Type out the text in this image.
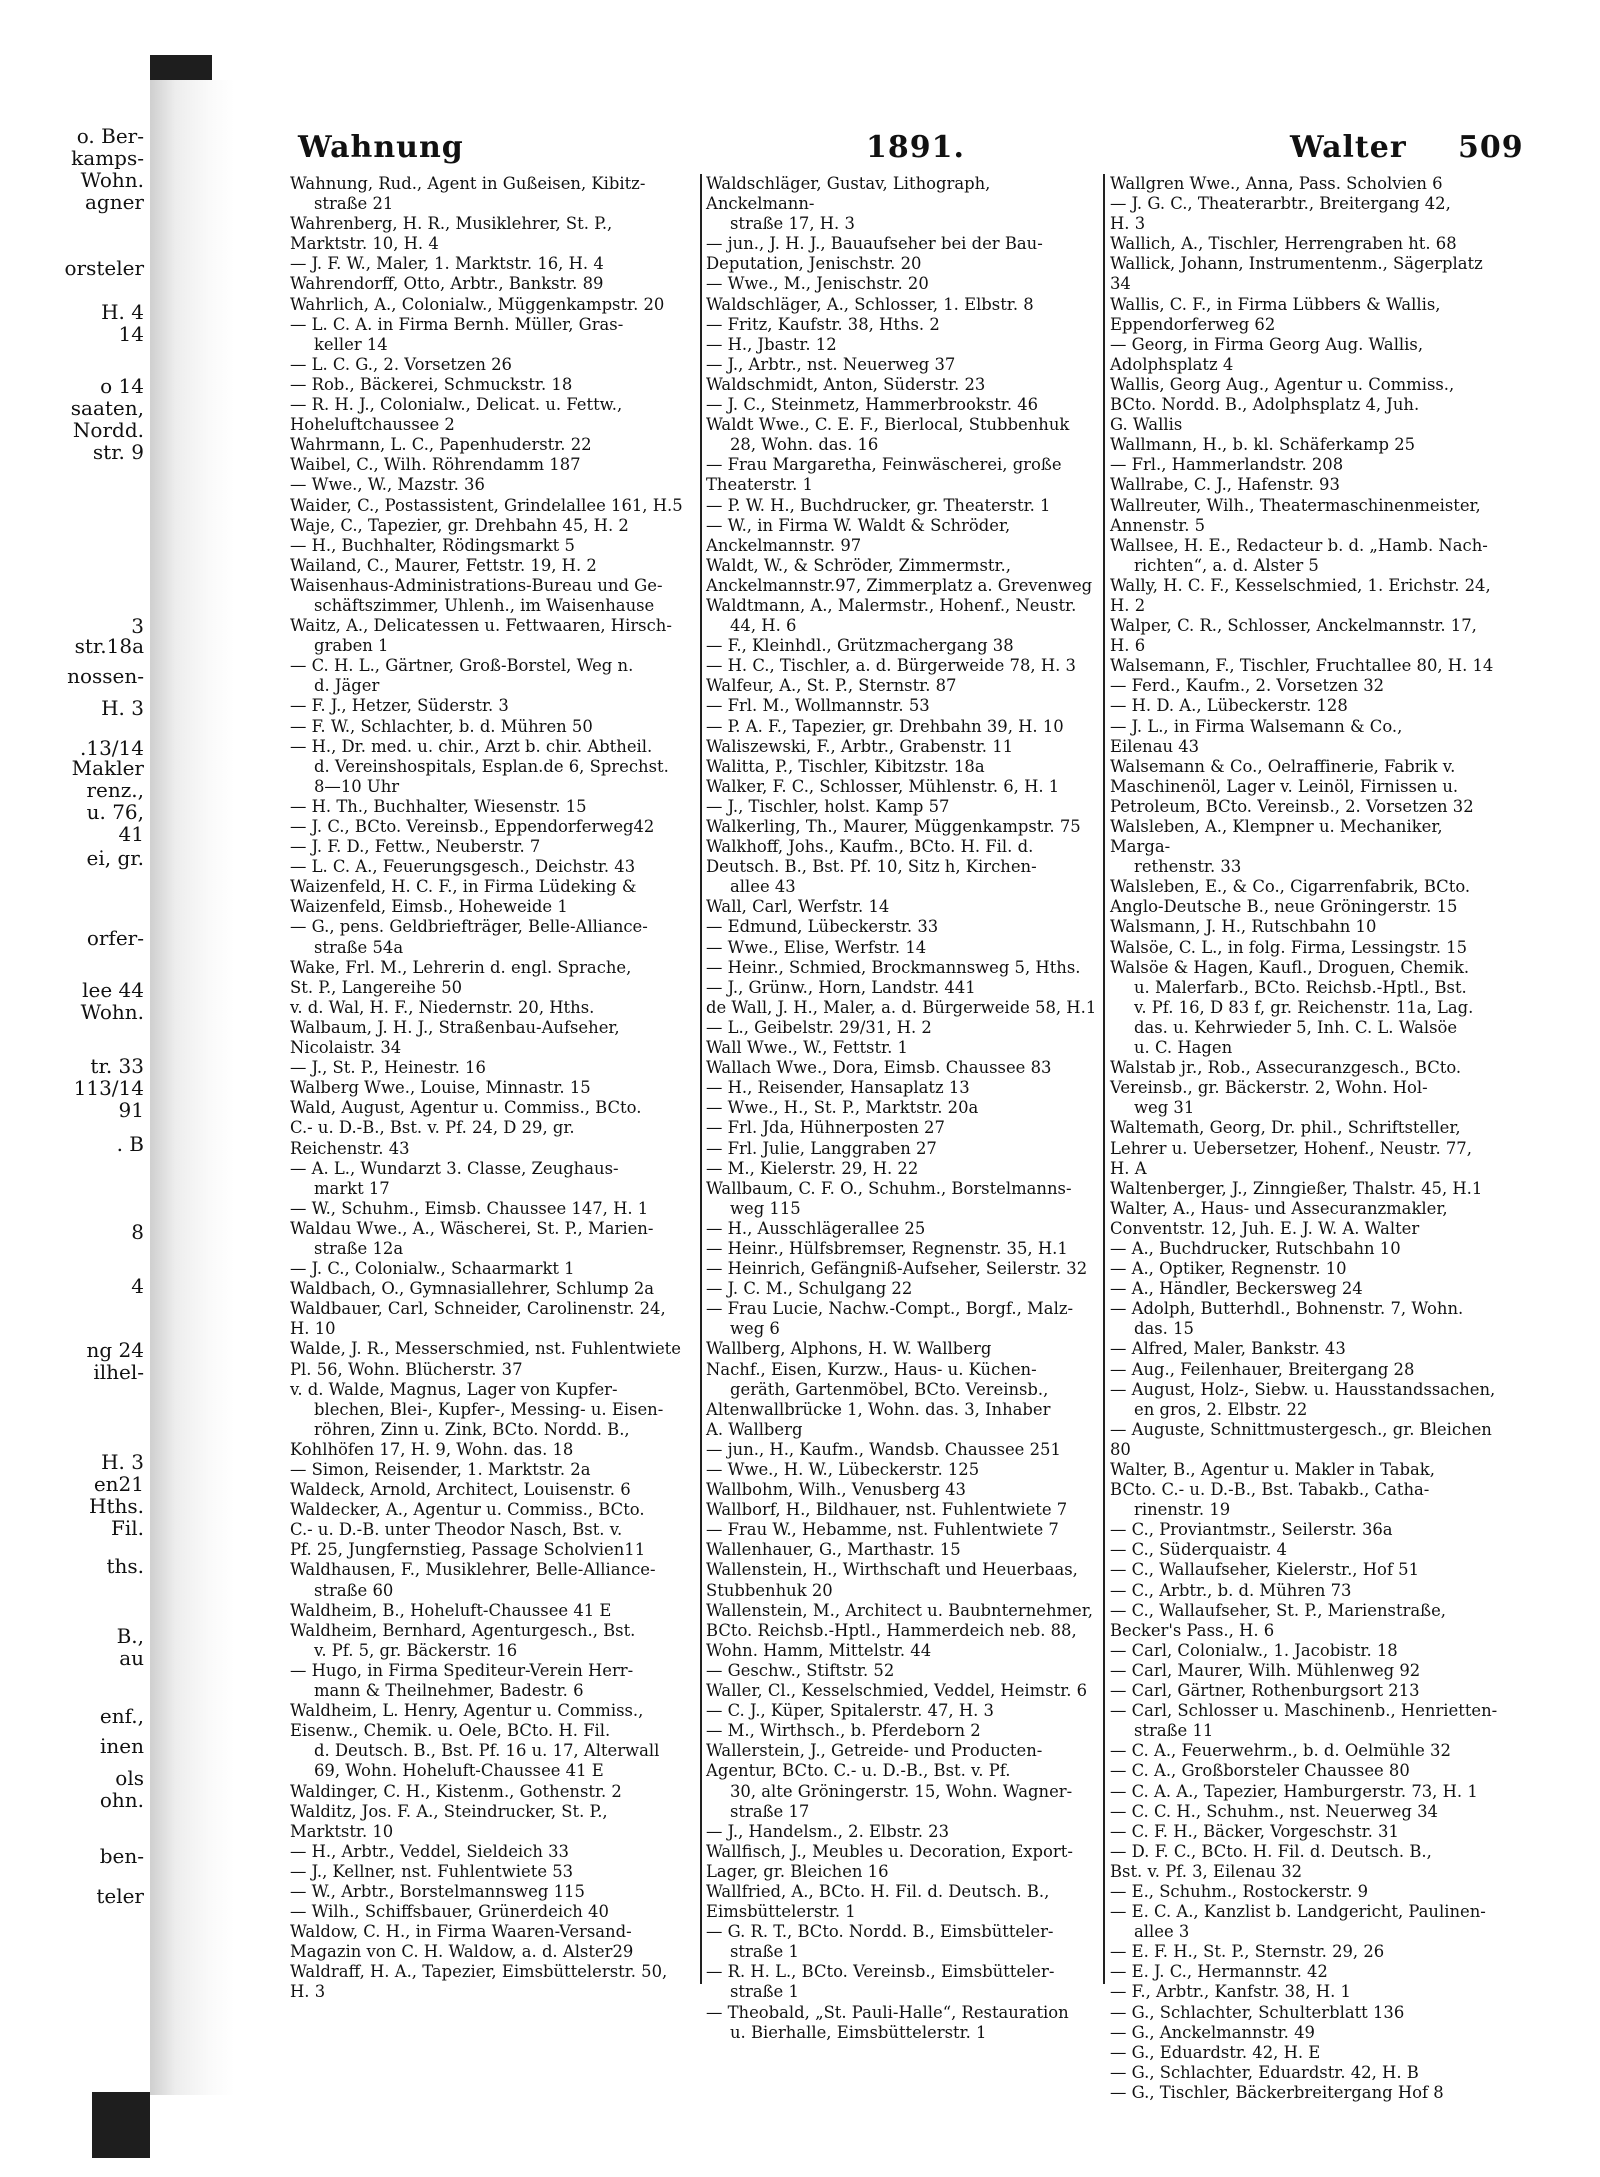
o. Ber-
kamps-
Wohn.
agner
orsteler
H. 4
14
o 14
saaten,
Nordd.
str. 9
3
str.18a
nossen-
H. 3
.13/14
Makler
renz.,
u. 76,
41
ei, gr.
orfer-
lee 44
Wohn.
tr. 33
113/14
91
. B
8
4
ng 24
ilhel-
H. 3
en21
Hths.
Fil.
ths.
B.,
au
enf.,
inen
ols
ohn.
ben-
teler
Wahnung	1891.	Walter 509
Wahnung, Rud., Agent in Gußeisen, Kibitz-
straße 21
Wahrenberg, H. R., Musiklehrer, St. P.,
Marktstr. 10, H. 4
— J. F. W., Maler, 1. Marktstr. 16, H. 4
Wahrendorff, Otto, Arbtr., Bankstr. 89
Wahrlich, A., Colonialw., Müggenkampstr. 20
— L. C. A. in Firma Bernh. Müller, Gras-
keller 14
— L. C. G., 2. Vorsetzen 26
— Rob., Bäckerei, Schmuckstr. 18
— R. H. J., Colonialw., Delicat. u. Fettw.,
Hoheluftchaussee 2
Wahrmann, L. C., Papenhuderstr. 22
Waibel, C., Wilh. Röhrendamm 187
— Wwe., W., Mazstr. 36
Waider, C., Postassistent, Grindelallee 161, H.5
Waje, C., Tapezier, gr. Drehbahn 45, H. 2
— H., Buchhalter, Rödingsmarkt 5
Wailand, C., Maurer, Fettstr. 19, H. 2
Waisenhaus-Administrations-Bureau und Ge-
schäftszimmer, Uhlenh., im Waisenhause
Waitz, A., Delicatessen u. Fettwaaren, Hirsch-
graben 1
— C. H. L., Gärtner, Groß-Borstel, Weg n.
d. Jäger
— F. J., Hetzer, Süderstr. 3
— F. W., Schlachter, b. d. Mühren 50
— H., Dr. med. u. chir., Arzt b. chir. Abtheil.
d. Vereinshospitals, Esplan.de 6, Sprechst.
8—10 Uhr
— H. Th., Buchhalter, Wiesenstr. 15
— J. C., BCto. Vereinsb., Eppendorferweg42
— J. F. D., Fettw., Neuberstr. 7
— L. C. A., Feuerungsgesch., Deichstr. 43
Waizenfeld, H. C. F., in Firma Lüdeking &
Waizenfeld, Eimsb., Hoheweide 1
— G., pens. Geldbriefträger, Belle-Alliance-
straße 54a
Wake, Frl. M., Lehrerin d. engl. Sprache,
St. P., Langereihe 50
v. d. Wal, H. F., Niedernstr. 20, Hths.
Walbaum, J. H. J., Straßenbau-Aufseher,
Nicolaistr. 34
— J., St. P., Heinestr. 16
Walberg Wwe., Louise, Minnastr. 15
Wald, August, Agentur u. Commiss., BCto.
C.- u. D.-B., Bst. v. Pf. 24, D 29, gr.
Reichenstr. 43
— A. L., Wundarzt 3. Classe, Zeughaus-
markt 17
— W., Schuhm., Eimsb. Chaussee 147, H. 1
Waldau Wwe., A., Wäscherei, St. P., Marien-
straße 12a
— J. C., Colonialw., Schaarmarkt 1
Waldbach, O., Gymnasiallehrer, Schlump 2a
Waldbauer, Carl, Schneider, Carolinenstr. 24,
H. 10
Walde, J. R., Messerschmied, nst. Fuhlentwiete
Pl. 56, Wohn. Blücherstr. 37
v. d. Walde, Magnus, Lager von Kupfer-
blechen, Blei-, Kupfer-, Messing- u. Eisen-
röhren, Zinn u. Zink, BCto. Nordd. B.,
Kohlhöfen 17, H. 9, Wohn. das. 18
— Simon, Reisender, 1. Marktstr. 2a
Waldeck, Arnold, Architect, Louisenstr. 6
Waldecker, A., Agentur u. Commiss., BCto.
C.- u. D.-B. unter Theodor Nasch, Bst. v.
Pf. 25, Jungfernstieg, Passage Scholvien11
Waldhausen, F., Musiklehrer, Belle-Alliance-
straße 60
Waldheim, B., Hoheluft-Chaussee 41 E
Waldheim, Bernhard, Agenturgesch., Bst.
v. Pf. 5, gr. Bäckerstr. 16
— Hugo, in Firma Spediteur-Verein Herr-
mann & Theilnehmer, Badestr. 6
Waldheim, L. Henry, Agentur u. Commiss.,
Eisenw., Chemik. u. Oele, BCto. H. Fil.
d. Deutsch. B., Bst. Pf. 16 u. 17, Alterwall
69, Wohn. Hoheluft-Chaussee 41 E
Waldinger, C. H., Kistenm., Gothenstr. 2
Walditz, Jos. F. A., Steindrucker, St. P.,
Marktstr. 10
— H., Arbtr., Veddel, Sieldeich 33
— J., Kellner, nst. Fuhlentwiete 53
— W., Arbtr., Borstelmannsweg 115
— Wilh., Schiffsbauer, Grünerdeich 40
Waldow, C. H., in Firma Waaren-Versand-
Magazin von C. H. Waldow, a. d. Alster29
Waldraff, H. A., Tapezier, Eimsbüttelerstr. 50,
H. 3
Waldschläger, Gustav, Lithograph, Anckelmann-
straße 17, H. 3
— jun., J. H. J., Bauaufseher bei der Bau-
Deputation, Jenischstr. 20
— Wwe., M., Jenischstr. 20
Waldschläger, A., Schlosser, 1. Elbstr. 8
— Fritz, Kaufstr. 38, Hths. 2
— H., Jbastr. 12
— J., Arbtr., nst. Neuerweg 37
Waldschmidt, Anton, Süderstr. 23
— J. C., Steinmetz, Hammerbrookstr. 46
Waldt Wwe., C. E. F., Bierlocal, Stubbenhuk
28, Wohn. das. 16
— Frau Margaretha, Feinwäscherei, große
Theaterstr. 1
— P. W. H., Buchdrucker, gr. Theaterstr. 1
— W., in Firma W. Waldt & Schröder,
Anckelmannstr. 97
Waldt, W., & Schröder, Zimmermstr.,
Anckelmannstr.97, Zimmerplatz a. Grevenweg
Waldtmann, A., Malermstr., Hohenf., Neustr.
44, H. 6
— F., Kleinhdl., Grützmachergang 38
— H. C., Tischler, a. d. Bürgerweide 78, H. 3
Walfeur, A., St. P., Sternstr. 87
— Frl. M., Wollmannstr. 53
— P. A. F., Tapezier, gr. Drehbahn 39, H. 10
Waliszewski, F., Arbtr., Grabenstr. 11
Walitta, P., Tischler, Kibitzstr. 18a
Walker, F. C., Schlosser, Mühlenstr. 6, H. 1
— J., Tischler, holst. Kamp 57
Walkerling, Th., Maurer, Müggenkampstr. 75
Walkhoff, Johs., Kaufm., BCto. H. Fil. d.
Deutsch. B., Bst. Pf. 10, Sitz h, Kirchen-
allee 43
Wall, Carl, Werfstr. 14
— Edmund, Lübeckerstr. 33
— Wwe., Elise, Werfstr. 14
— Heinr., Schmied, Brockmannsweg 5, Hths.
— J., Grünw., Horn, Landstr. 441
de Wall, J. H., Maler, a. d. Bürgerweide 58, H.1
— L., Geibelstr. 29/31, H. 2
Wall Wwe., W., Fettstr. 1
Wallach Wwe., Dora, Eimsb. Chaussee 83
— H., Reisender, Hansaplatz 13
— Wwe., H., St. P., Marktstr. 20a
— Frl. Jda, Hühnerposten 27
— Frl. Julie, Langgraben 27
— M., Kielerstr. 29, H. 22
Wallbaum, C. F. O., Schuhm., Borstelmanns-
weg 115
— H., Ausschlägerallee 25
— Heinr., Hülfsbremser, Regnenstr. 35, H.1
— Heinrich, Gefängniß-Aufseher, Seilerstr. 32
— J. C. M., Schulgang 22
— Frau Lucie, Nachw.-Compt., Borgf., Malz-
weg 6
Wallberg, Alphons, H. W. Wallberg
Nachf., Eisen, Kurzw., Haus- u. Küchen-
geräth, Gartenmöbel, BCto. Vereinsb.,
Altenwallbrücke 1, Wohn. das. 3, Inhaber
A. Wallberg
— jun., H., Kaufm., Wandsb. Chaussee 251
— Wwe., H. W., Lübeckerstr. 125
Wallbohm, Wilh., Venusberg 43
Wallborf, H., Bildhauer, nst. Fuhlentwiete 7
— Frau W., Hebamme, nst. Fuhlentwiete 7
Wallenhauer, G., Marthastr. 15
Wallenstein, H., Wirthschaft und Heuerbaas,
Stubbenhuk 20
Wallenstein, M., Architect u. Baubnternehmer,
BCto. Reichsb.-Hptl., Hammerdeich neb. 88,
Wohn. Hamm, Mittelstr. 44
— Geschw., Stiftstr. 52
Waller, Cl., Kesselschmied, Veddel, Heimstr. 6
— C. J., Küper, Spitalerstr. 47, H. 3
— M., Wirthsch., b. Pferdeborn 2
Wallerstein, J., Getreide- und Producten-
Agentur, BCto. C.- u. D.-B., Bst. v. Pf.
30, alte Gröningerstr. 15, Wohn. Wagner-
straße 17
— J., Handelsm., 2. Elbstr. 23
Wallfisch, J., Meubles u. Decoration, Export-
Lager, gr. Bleichen 16
Wallfried, A., BCto. H. Fil. d. Deutsch. B.,
Eimsbüttelerstr. 1
— G. R. T., BCto. Nordd. B., Eimsbütteler-
straße 1
— R. H. L., BCto. Vereinsb., Eimsbütteler-
straße 1
— Theobald, „St. Pauli-Halle“, Restauration
u. Bierhalle, Eimsbüttelerstr. 1
Wallgren Wwe., Anna, Pass. Scholvien 6
— J. G. C., Theaterarbtr., Breitergang 42,
H. 3
Wallich, A., Tischler, Herrengraben ht. 68
Wallick, Johann, Instrumentenm., Sägerplatz 34
Wallis, C. F., in Firma Lübbers & Wallis,
Eppendorferweg 62
— Georg, in Firma Georg Aug. Wallis,
Adolphsplatz 4
Wallis, Georg Aug., Agentur u. Commiss.,
BCto. Nordd. B., Adolphsplatz 4, Juh.
G. Wallis
Wallmann, H., b. kl. Schäferkamp 25
— Frl., Hammerlandstr. 208
Wallrabe, C. J., Hafenstr. 93
Wallreuter, Wilh., Theatermaschinenmeister,
Annenstr. 5
Wallsee, H. E., Redacteur b. d. „Hamb. Nach-
richten“, a. d. Alster 5
Wally, H. C. F., Kesselschmied, 1. Erichstr. 24, H. 2
Walper, C. R., Schlosser, Anckelmannstr. 17,
H. 6
Walsemann, F., Tischler, Fruchtallee 80, H. 14
— Ferd., Kaufm., 2. Vorsetzen 32
— H. D. A., Lübeckerstr. 128
— J. L., in Firma Walsemann & Co.,
Eilenau 43
Walsemann & Co., Oelraffinerie, Fabrik v.
Maschinenöl, Lager v. Leinöl, Firnissen u.
Petroleum, BCto. Vereinsb., 2. Vorsetzen 32
Walsleben, A., Klempner u. Mechaniker, Marga-
rethenstr. 33
Walsleben, E., & Co., Cigarrenfabrik, BCto.
Anglo-Deutsche B., neue Gröningerstr. 15
Walsmann, J. H., Rutschbahn 10
Walsöe, C. L., in folg. Firma, Lessingstr. 15
Walsöe & Hagen, Kaufl., Droguen, Chemik.
u. Malerfarb., BCto. Reichsb.-Hptl., Bst.
v. Pf. 16, D 83 f, gr. Reichenstr. 11a, Lag.
das. u. Kehrwieder 5, Inh. C. L. Walsöe
u. C. Hagen
Walstab jr., Rob., Assecuranzgesch., BCto.
Vereinsb., gr. Bäckerstr. 2, Wohn. Hol-
weg 31
Waltemath, Georg, Dr. phil., Schriftsteller,
Lehrer u. Uebersetzer, Hohenf., Neustr. 77,
H. A
Waltenberger, J., Zinngießer, Thalstr. 45, H.1
Walter, A., Haus- und Assecuranzmakler,
Conventstr. 12, Juh. E. J. W. A. Walter
— A., Buchdrucker, Rutschbahn 10
— A., Optiker, Regnenstr. 10
— A., Händler, Beckersweg 24
— Adolph, Butterhdl., Bohnenstr. 7, Wohn.
das. 15
— Alfred, Maler, Bankstr. 43
— Aug., Feilenhauer, Breitergang 28
— August, Holz-, Siebw. u. Hausstandssachen,
en gros, 2. Elbstr. 22
— Auguste, Schnittmustergesch., gr. Bleichen 80
Walter, B., Agentur u. Makler in Tabak,
BCto. C.- u. D.-B., Bst. Tabakb., Catha-
rinenstr. 19
— C., Proviantmstr., Seilerstr. 36a
— C., Süderquaistr. 4
— C., Wallaufseher, Kielerstr., Hof 51
— C., Arbtr., b. d. Mühren 73
— C., Wallaufseher, St. P., Marienstraße,
Becker's Pass., H. 6
— Carl, Colonialw., 1. Jacobistr. 18
— Carl, Maurer, Wilh. Mühlenweg 92
— Carl, Gärtner, Rothenburgsort 213
— Carl, Schlosser u. Maschinenb., Henrietten-
straße 11
— C. A., Feuerwehrm., b. d. Oelmühle 32
— C. A., Großborsteler Chaussee 80
— C. A. A., Tapezier, Hamburgerstr. 73, H. 1
— C. C. H., Schuhm., nst. Neuerweg 34
— C. F. H., Bäcker, Vorgeschstr. 31
— D. F. C., BCto. H. Fil. d. Deutsch. B.,
Bst. v. Pf. 3, Eilenau 32
— E., Schuhm., Rostockerstr. 9
— E. C. A., Kanzlist b. Landgericht, Paulinen-
allee 3
— E. F. H., St. P., Sternstr. 29, 26
— E. J. C., Hermannstr. 42
— F., Arbtr., Kanfstr. 38, H. 1
— G., Schlachter, Schulterblatt 136
— G., Anckelmannstr. 49
— G., Eduardstr. 42, H. E
— G., Schlachter, Eduardstr. 42, H. B
— G., Tischler, Bäckerbreitergang Hof 8
